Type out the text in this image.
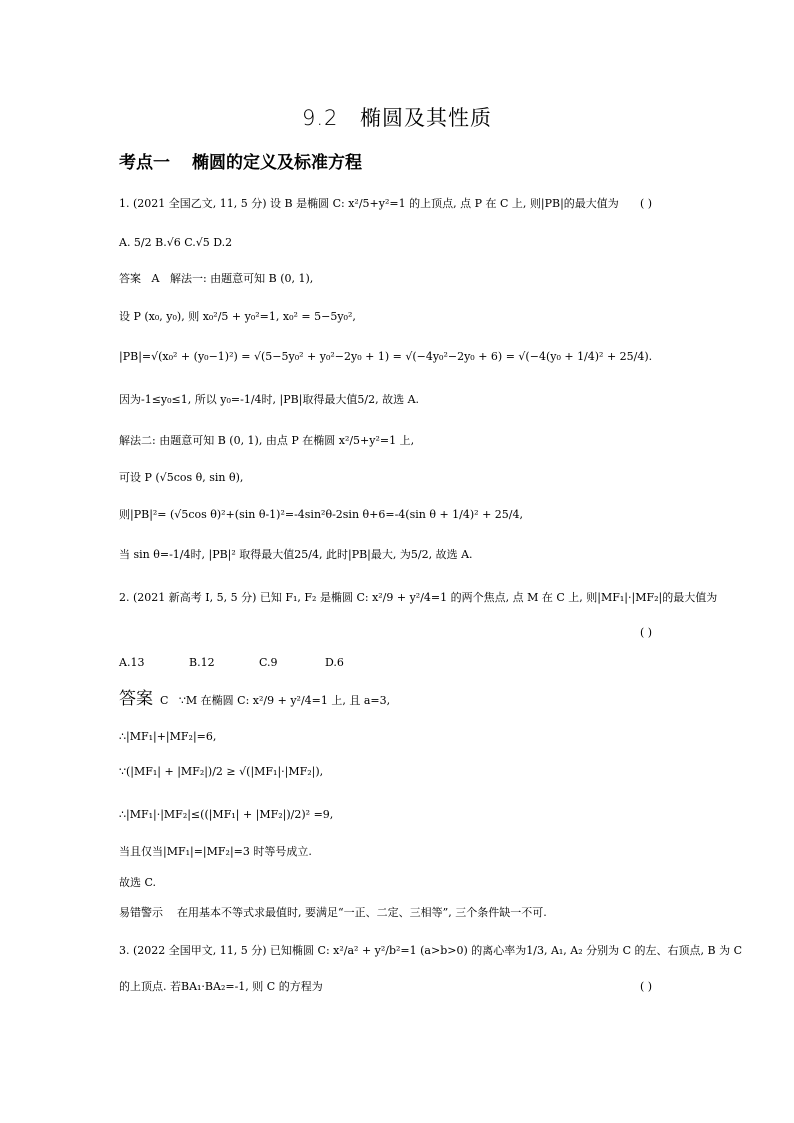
9.2 椭圆及其性质
考点一 椭圆的定义及标准方程
1. (2021 全国乙文, 11, 5 分) 设 B 是椭圆 C: x²/5+y²=1 的上顶点, 点 P 在 C 上, 则|PB|的最大值为 ( )
A. 5/2 B.√6 C.√5 D.2
答案 A 解法一: 由题意可知 B (0, 1),
设 P (x₀, y₀), 则 x₀²/5 + y₀²=1, x₀² = 5−5y₀²,
|PB|=√(x₀² + (y₀−1)²) = √(5−5y₀² + y₀²−2y₀ + 1) = √(−4y₀²−2y₀ + 6) = √(−4(y₀ + 1/4)² + 25/4).
因为-1≤y₀≤1, 所以 y₀=-1/4时, |PB|取得最大值5/2, 故选 A.
解法二: 由题意可知 B (0, 1), 由点 P 在椭圆 x²/5+y²=1 上,
可设 P (√5cos θ, sin θ),
则|PB|²= (√5cos θ)²+(sin θ-1)²=-4sin²θ-2sin θ+6=-4(sin θ + 1/4)² + 25/4,
当 sin θ=-1/4时, |PB|² 取得最大值25/4, 此时|PB|最大, 为5/2, 故选 A.
2. (2021 新高考 Ⅰ, 5, 5 分) 已知 F₁, F₂ 是椭圆 C: x²/9 + y²/4=1 的两个焦点, 点 M 在 C 上, 则|MF₁|·|MF₂|的最大值为
( )
A.13	B.12	C.9	D.6
答案 C ∵M 在椭圆 C: x²/9 + y²/4=1 上, 且 a=3,
∴|MF₁|+|MF₂|=6,
∵(|MF₁| + |MF₂|)/2 ≥ √(|MF₁|·|MF₂|),
∴|MF₁|·|MF₂|≤((|MF₁| + |MF₂|)/2)² =9,
当且仅当|MF₁|=|MF₂|=3 时等号成立.
故选 C.
易错警示 在用基本不等式求最值时, 要满足“一正、二定、三相等”, 三个条件缺一不可.
3. (2022 全国甲文, 11, 5 分) 已知椭圆 C: x²/a² + y²/b²=1 (a>b>0) 的离心率为1/3, A₁, A₂ 分别为 C 的左、右顶点, B 为 C
的上顶点. 若BA₁·BA₂=-1, 则 C 的方程为	( )
